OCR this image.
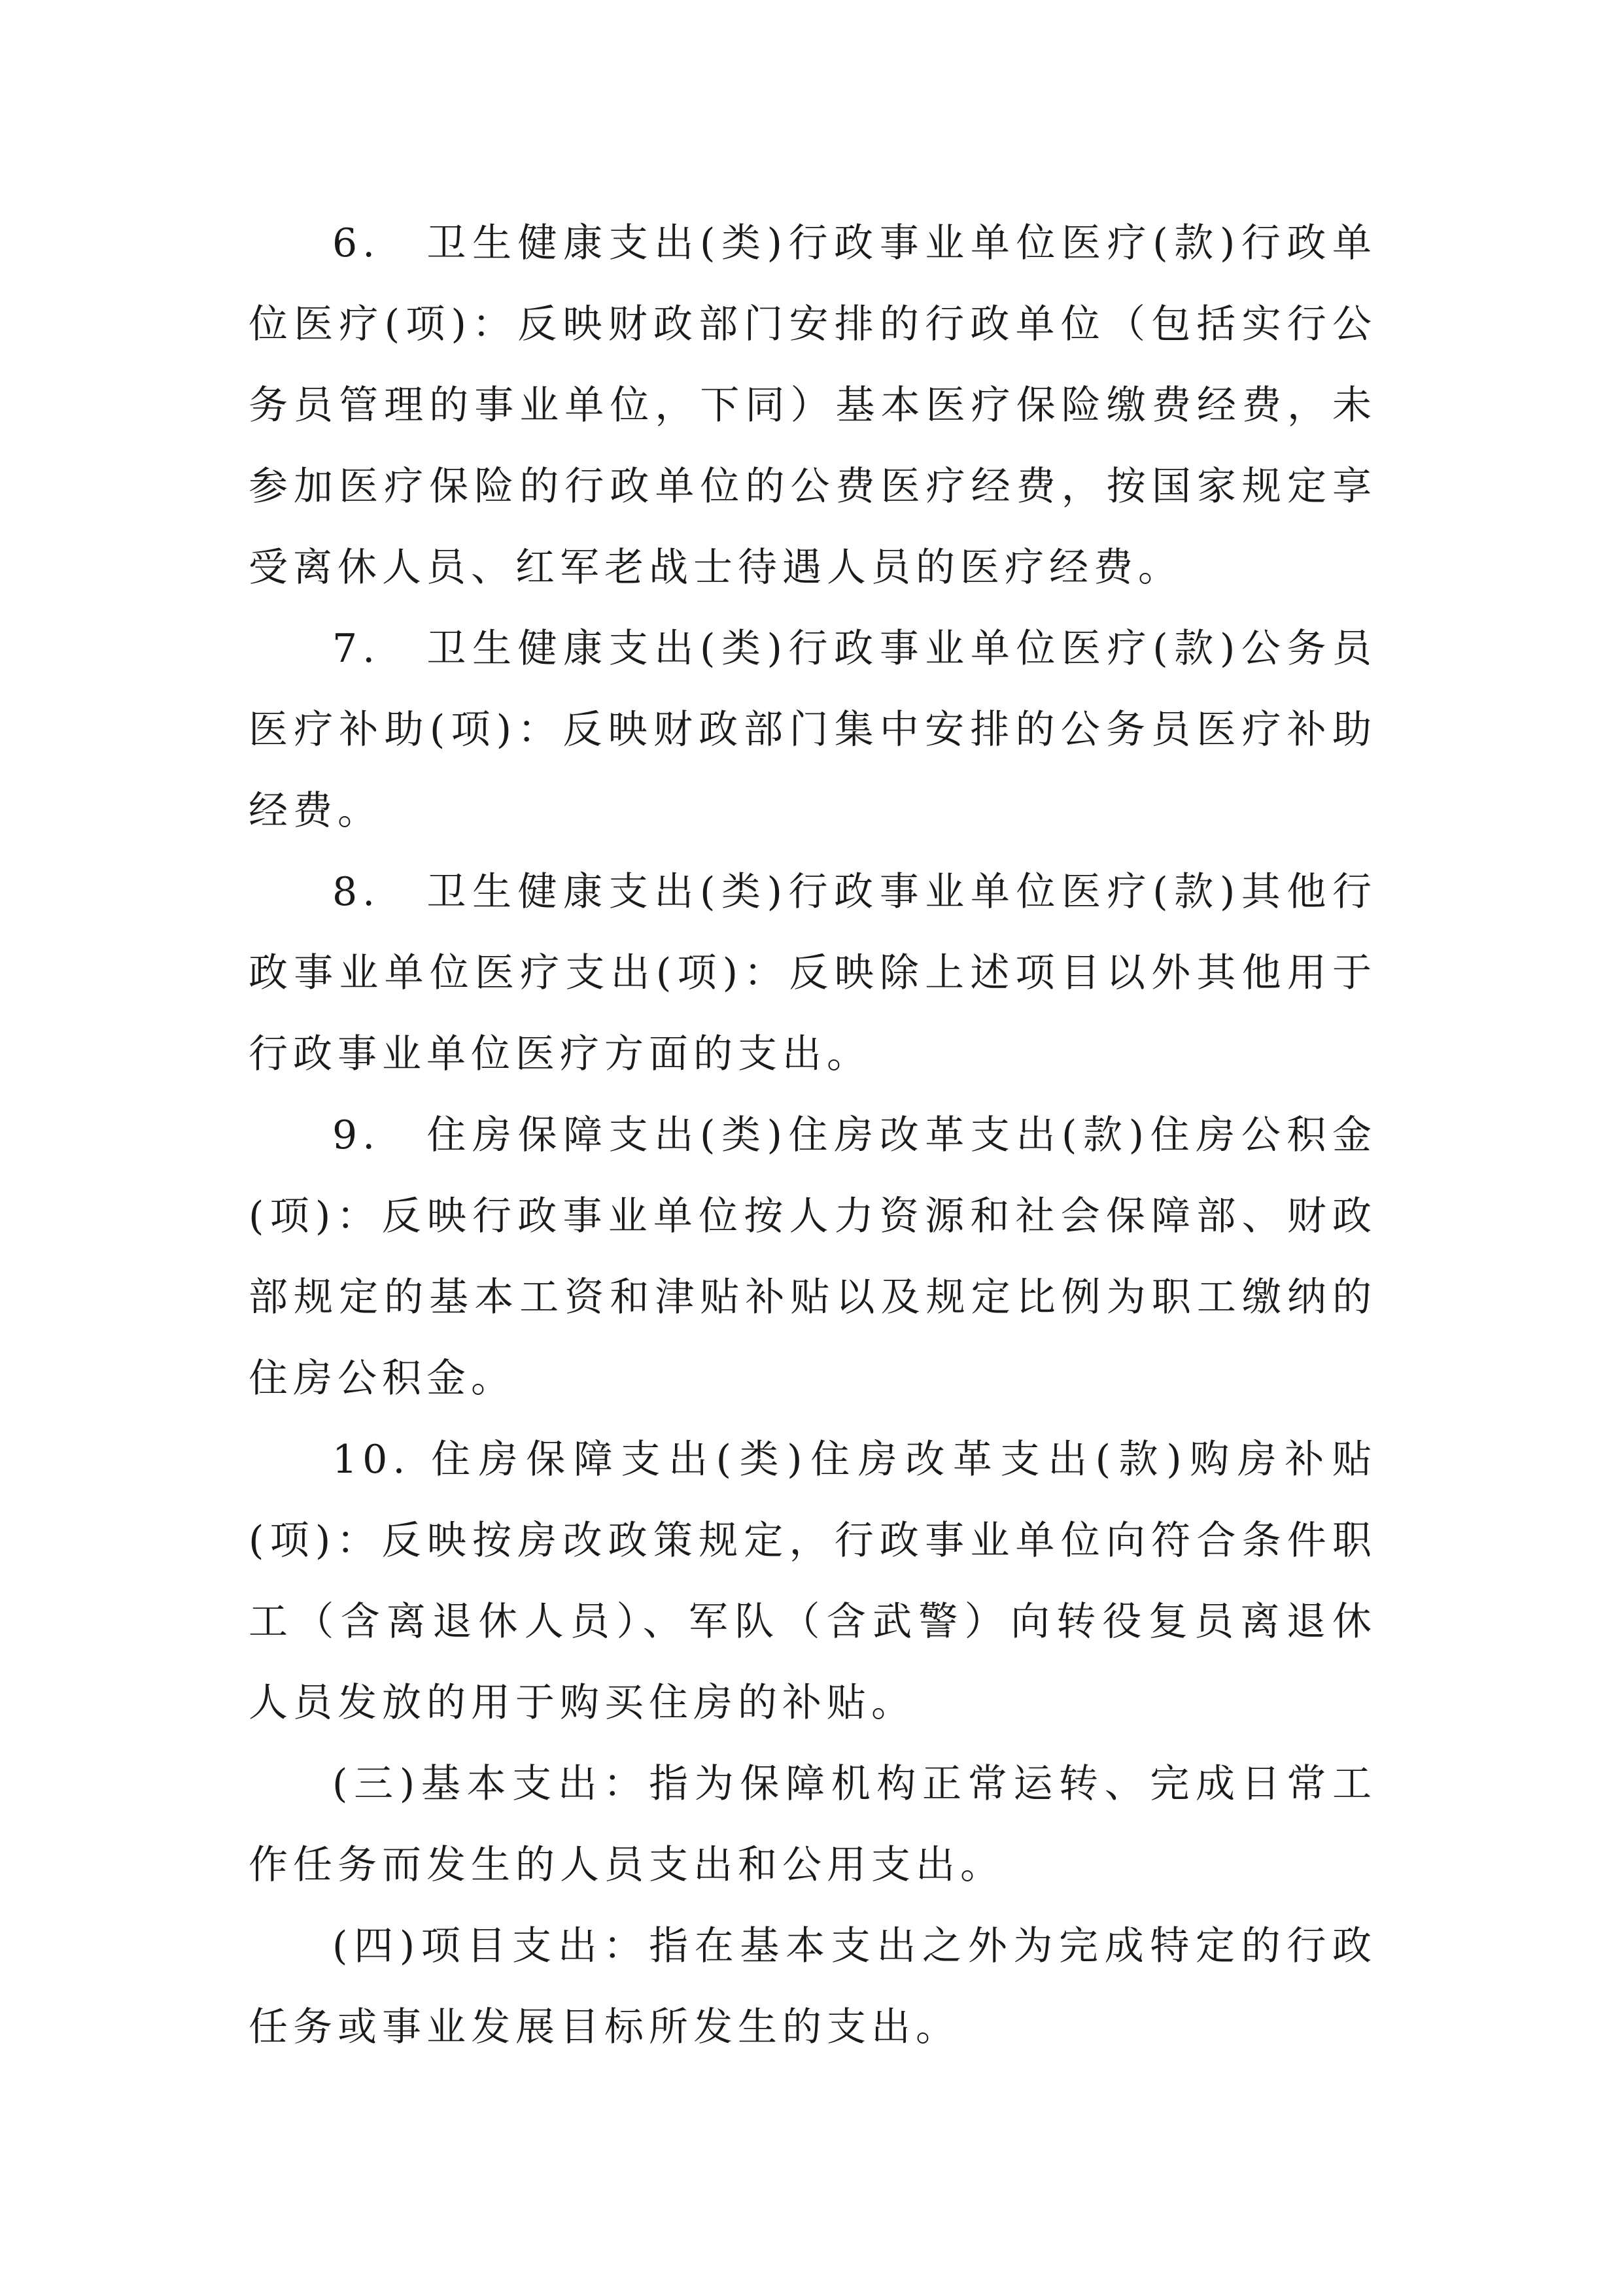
6.　卫生健康支出(类)行政事业单位医疗(款)行政单位医疗(项)：反映财政部门安排的行政单位（包括实行公务员管理的事业单位，下同）基本医疗保险缴费经费，未参加医疗保险的行政单位的公费医疗经费，按国家规定享受离休人员、红军老战士待遇人员的医疗经费。

7.　卫生健康支出(类)行政事业单位医疗(款)公务员医疗补助(项)：反映财政部门集中安排的公务员医疗补助经费。

8.　卫生健康支出(类)行政事业单位医疗(款)其他行政事业单位医疗支出(项)：反映除上述项目以外其他用于行政事业单位医疗方面的支出。

9.　住房保障支出(类)住房改革支出(款)住房公积金(项)：反映行政事业单位按人力资源和社会保障部、财政部规定的基本工资和津贴补贴以及规定比例为职工缴纳的住房公积金。

10. 住房保障支出(类)住房改革支出(款)购房补贴(项)：反映按房改政策规定，行政事业单位向符合条件职工（含离退休人员）、军队（含武警）向转役复员离退休人员发放的用于购买住房的补贴。

(三)基本支出：指为保障机构正常运转、完成日常工作任务而发生的人员支出和公用支出。

(四)项目支出：指在基本支出之外为完成特定的行政任务或事业发展目标所发生的支出。
